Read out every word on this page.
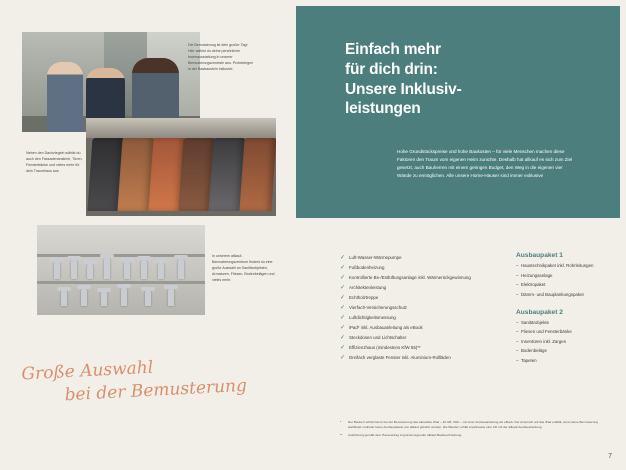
Einfach mehr
für dich drin:
Unsere Inklusiv-
leistungen
Hohe Grundstückspreise und hohe Baukosten – für viele Menschen machen diese Faktoren den Traum vom eigenen Heim zunichte. Deshalb hat allkauf es sich zum Ziel gesetzt, auch Bauherren mit einem geringen Budget, den Weg in die eigenen vier Wände zu ermöglichen. Alle unsere Home-Häuser sind immer exklusive
Die Bemusterung ist dein großer Tag! Hier wählst du deine persönliche Innenausstattung in unserer Bemusterungszentrale aus. Prototelegen in der Basbaustein inklusive.
Neben den Dachziegeln wählst du auch den Fassadenanstrich, Türen, Fensterbänke und vieles mehr für dein Traumhaus aus.
In unserem allkauf-Bemusterungszentrum findest du eine große Auswahl an Sanitärobjekten, Armaturen, Fliesen, Bodenbelägen und vieles mehr.
✓ Luft-Wasser-Wärmepumpe
✓ Fußbodenheizung
✓ Kontrollierte Be-/Entlüftungsanlage inkl. Wärmerückgewinnung
✓ Architektenleistung
✓ Echtholztreppe
✓ Vierfach-Versicherungsschutz
✓ Luftdichtigkeitsmessung
✓ iPad* inkl. Ausbauanleitung als eBook
✓ Steckdosen und Lichtschalter
✓ Effizienzhaus (mindestens KfW 55)**
✓ Dreifach verglaste Fenster inkl. Aluminium-Rollläden
Ausbaupaket 1
– Haustechnikpaket inkl. Rohrleitungen
– Heizungsanlage
– Elektropaket
– Dämm- und Bauplankungspaket
Ausbaupaket 2
– Sanitärobjekte
– Fliesen und Fensterbänke
– Innentüren inkl. Zargen
– Bodenbeläge
– Tapeten
Große Auswahl
bei der Bemusterung
*	Der Bauherr erhält hierzu bei der Bemusterung das aktuellste iPad – 32 GB, WiFi – mit einer Ausbauanleitung als eBook. Der Anspruch auf das iPad entfällt, wenn keine Bemusterung stattfindet und/oder keine Ausbaupakete von allkauf gebührt werden. Die Bauherr erhält ersatzweise eine CD mit der allkauf-Ausbauanleitung.
**	Ausführung gemäß dem Hausvertrag zugrunde liegender allkauf-Baubeschreibung.
7
